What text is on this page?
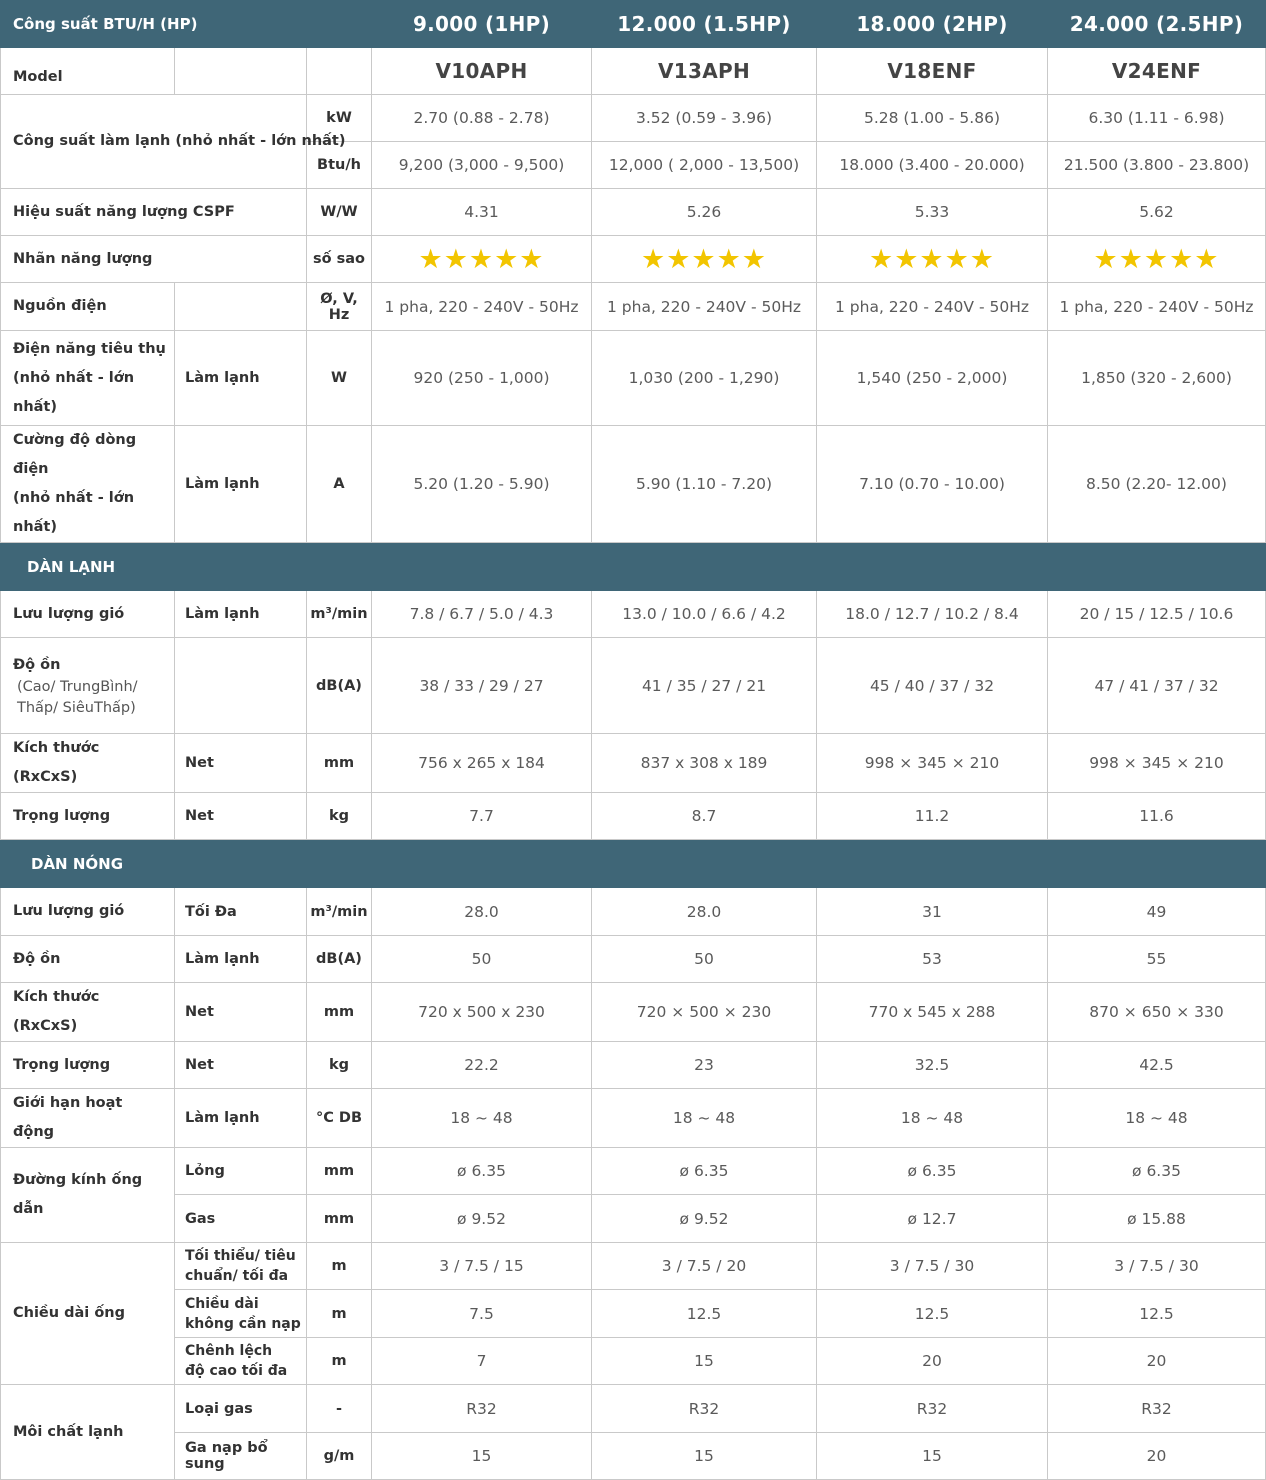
Công suất BTU/H (HP)			9.000 (1HP)	12.000 (1.5HP)	18.000 (2HP)	24.000 (2.5HP)
Model			V10APH	V13APH	V18ENF	V24ENF
Công suất làm lạnh (nhỏ nhất - lớn nhất)		kW	2.70 (0.88 - 2.78)	3.52 (0.59 - 3.96)	5.28 (1.00 - 5.86)	6.30 (1.11 - 6.98)
		Btu/h	9,200 (3,000 - 9,500)	12,000 ( 2,000 - 13,500)	18.000 (3.400 - 20.000)	21.500 (3.800 - 23.800)
Hiệu suất năng lượng CSPF		W/W	4.31	5.26	5.33	5.62
Nhãn năng lượng		số sao	★★★★★	★★★★★	★★★★★	★★★★★
Nguồn điện		Ø, V, Hz	1 pha, 220 - 240V - 50Hz	1 pha, 220 - 240V - 50Hz	1 pha, 220 - 240V - 50Hz	1 pha, 220 - 240V - 50Hz

Điện năng tiêu thụ
(nhỏ nhất - lớn nhất)	Làm lạnh	W	920 (250 - 1,000)	1,030 (200 - 1,290)	1,540 (250 - 2,000)	1,850 (320 - 2,600)

Cường độ dòng điện
(nhỏ nhất - lớn nhất)	Làm lạnh	A	5.20 (1.20 - 5.90)	5.90 (1.10 - 7.20)	7.10 (0.70 - 10.00)	8.50 (2.20- 12.00)
DÀN LẠNH						
Lưu lượng gió	Làm lạnh	m³/min	7.8 / 6.7 / 5.0 / 4.3	13.0 / 10.0 / 6.6 / 4.2	18.0 / 12.7 / 10.2 / 8.4	20 / 15 / 12.5 / 10.6

Độ ồn
(Cao/ TrungBình/
Thấp/ SiêuThấp)		dB(A)	38 / 33 / 29 / 27	41 / 35 / 27 / 21	45 / 40 / 37 / 32	47 / 41 / 37 / 32
Kích thước (RxCxS)	Net	mm	756 x 265 x 184	837 x 308 x 189	998 × 345 × 210	998 × 345 × 210
Trọng lượng	Net	kg	7.7	8.7	11.2	11.6
DÀN NÓNG						
Lưu lượng gió	Tối Đa	m³/min	28.0	28.0	31	49
Độ ồn	Làm lạnh	dB(A)	50	50	53	55
Kích thước (RxCxS)	Net	mm	720 x 500 x 230	720 × 500 × 230	770 x 545 x 288	870 × 650 × 330
Trọng lượng	Net	kg	22.2	23	32.5	42.5
Giới hạn hoạt động	Làm lạnh	°C DB	18 ~ 48	18 ~ 48	18 ~ 48	18 ~ 48
Đường kính ống dẫn	Lỏng	mm	ø 6.35	ø 6.35	ø 6.35	ø 6.35
	Gas	mm	ø 9.52	ø 9.52	ø 12.7	ø 15.88
Chiều dài ống	Tối thiểu/ tiêu
chuẩn/ tối đa	m	3 / 7.5 / 15	3 / 7.5 / 20	3 / 7.5 / 30	3 / 7.5 / 30

	Chiều dài
không cần nạp	m	7.5	12.5	12.5	12.5

	Chênh lệch
độ cao tối đa	m	7	15	20	20
Môi chất lạnh	Loại gas	-	R32	R32	R32	R32
	Ga nạp bổ sung	g/m	15	15	15	20
